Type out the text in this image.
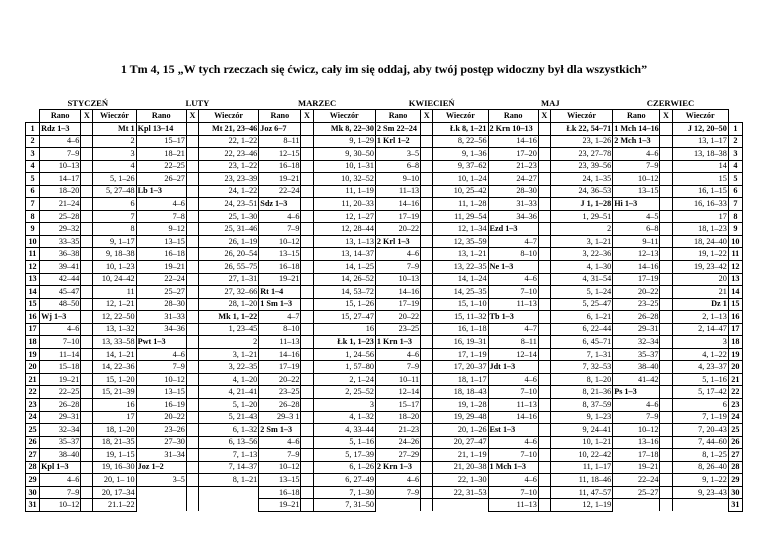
1 Tm 4, 15 „W tych rzeczach się ćwicz, cały im się oddaj, aby twój postęp widoczny był dla wszystkich”
	STYCZEŃ			LUTY			MARZEC			KWIECIEŃ			MAJ			CZERWIEC			
	Rano	X	Wieczór	Rano	X	Wieczór	Rano	X	Wieczór	Rano	X	Wieczór	Rano	X	Wieczór	Rano	X	Wieczór	
1	Rdz 1–3		Mt 1	Kpl 13–14		Mt 21, 23–46	Joz 6–7		Mk 8, 22–30	2 Sm 22–24		Łk 8, 1–21	2 Krn 10–13		Łk 22, 54–71	1 Mch 14–16		J 12, 20–50	1
2	4–6		2	15–17		22, 1–22	8–11		9, 1–29	1 Krl 1–2		8, 22–56	14–16		23, 1–26	2 Mch 1–3		13, 1–17	2
3	7–9		3	18–21		22, 23–46	12–15		9, 30–50	3–5		9, 1–36	17–20		23, 27–78	4–6		13, 18–38	3
4	10–13		4	22–25		23, 1–22	16–18		10, 1–31	6–8		9, 37–62	21–23		23, 39–56	7–9		14	4
5	14–17		5, 1–26	26–27		23, 23–39	19–21		10, 32–52	9–10		10, 1–24	24–27		24, 1–35	10–12		15	5
6	18–20		5, 27–48	Lb 1–3		24, 1–22	22–24		11, 1–19	11–13		10, 25–42	28–30		24, 36–53	13–15		16, 1–15	6
7	21–24		6	4–6		24, 23–51	Sdz 1–3		11, 20–33	14–16		11, 1–28	31–33		J 1, 1–28	Hi 1–3		16, 16–33	7
8	25–28		7	7–8		25, 1–30	4–6		12, 1–27	17–19		11, 29–54	34–36		1, 29–51	4–5		17	8
9	29–32		8	9–12		25, 31–46	7–9		12, 28–44	20–22		12, 1–34	Ezd 1–3		2	6–8		18, 1–23	9
10	33–35		9, 1–17	13–15		26, 1–19	10–12		13, 1–13	2 Krl 1–3		12, 35–59	4–7		3, 1–21	9–11		18, 24–40	10
11	36–38		9, 18–38	16–18		26, 20–54	13–15		13, 14–37	4–6		13, 1–21	8–10		3, 22–36	12–13		19, 1–22	11
12	39–41		10, 1–23	19–21		26, 55–75	16–18		14, 1–25	7–9		13, 22–35	Ne 1–3		4, 1–30	14–16		19, 23–42	12
13	42–44		10, 24–42	22–24		27, 1–31	19–21		14, 26–52	10–13		14, 1–24	4–6		4, 31–54	17–19		20	13
14	45–47		11	25–27		27, 32–66	Rt 1–4		14, 53–72	14–16		14, 25–35	7–10		5, 1–24	20–22		21	14
15	48–50		12, 1–21	28–30		28, 1–20	1 Sm 1–3		15, 1–26	17–19		15, 1–10	11–13		5, 25–47	23–25		Dz 1	15
16	Wj 1–3		12, 22–50	31–33		Mk 1, 1–22	4–7		15, 27–47	20–22		15, 11–32	Tb 1–3		6, 1–21	26–28		2, 1–13	16
17	4–6		13, 1–32	34–36		1, 23–45	8–10		16	23–25		16, 1–18	4–7		6, 22–44	29–31		2, 14–47	17
18	7–10		13, 33–58	Pwt 1–3		2	11–13		Łk 1, 1–23	1 Krn 1–3		16, 19–31	8–11		6, 45–71	32–34		3	18
19	11–14		14, 1–21	4–6		3, 1–21	14–16		1, 24–56	4–6		17, 1–19	12–14		7, 1–31	35–37		4, 1–22	19
20	15–18		14, 22–36	7–9		3, 22–35	17–19		1, 57–80	7–9		17, 20–37	Jdt 1–3		7, 32–53	38–40		4, 23–37	20
21	19–21		15, 1–20	10–12		4, 1–20	20–22		2, 1–24	10–11		18, 1–17	4–6		8, 1–20	41–42		5, 1–16	21
22	22–25		15, 21–39	13–15		4, 21–41	23–25		2, 25–52	12–14		18, 18–43	7–10		8, 21–36	Ps 1–3		5, 17–42	22
23	26–28		16	16–19		5, 1–20	26–28		3	15–17		19, 1–28	11–13		8, 37–59	4–6		6	23
24	29–31		17	20–22		5, 21–43	29–3 1		4, 1–32	18–20		19, 29–48	14–16		9, 1–23	7–9		7, 1–19	24
25	32–34		18, 1–20	23–26		6, 1–32	2 Sm 1–3		4, 33–44	21–23		20, 1–26	Est 1–3		9, 24–41	10–12		7, 20–43	25
26	35–37		18, 21–35	27–30		6, 13–56	4–6		5, 1–16	24–26		20, 27–47	4–6		10, 1–21	13–16		7, 44–60	26
27	38–40		19, 1–15	31–34		7, 1–13	7–9		5, 17–39	27–29		21, 1–19	7–10		10, 22–42	17–18		8, 1–25	27
28	Kpl 1–3		19, 16–30	Joz 1–2		7, 14–37	10–12		6, 1–26	2 Krn 1–3		21, 20–38	1 Mch 1–3		11, 1–17	19–21		8, 26–40	28
29	4–6		20, 1– 10	3–5		8, 1–21	13–15		6, 27–49	4–6		22, 1–30	4–6		11, 18–46	22–24		9, 1–22	29
30	7–9		20, 17–34				16–18		7, 1–30	7–9		22, 31–53	7–10		11, 47–57	25–27		9, 23–43	30
31	10–12		21.1–22				19–21		7, 31–50				11–13		12, 1–19				31
